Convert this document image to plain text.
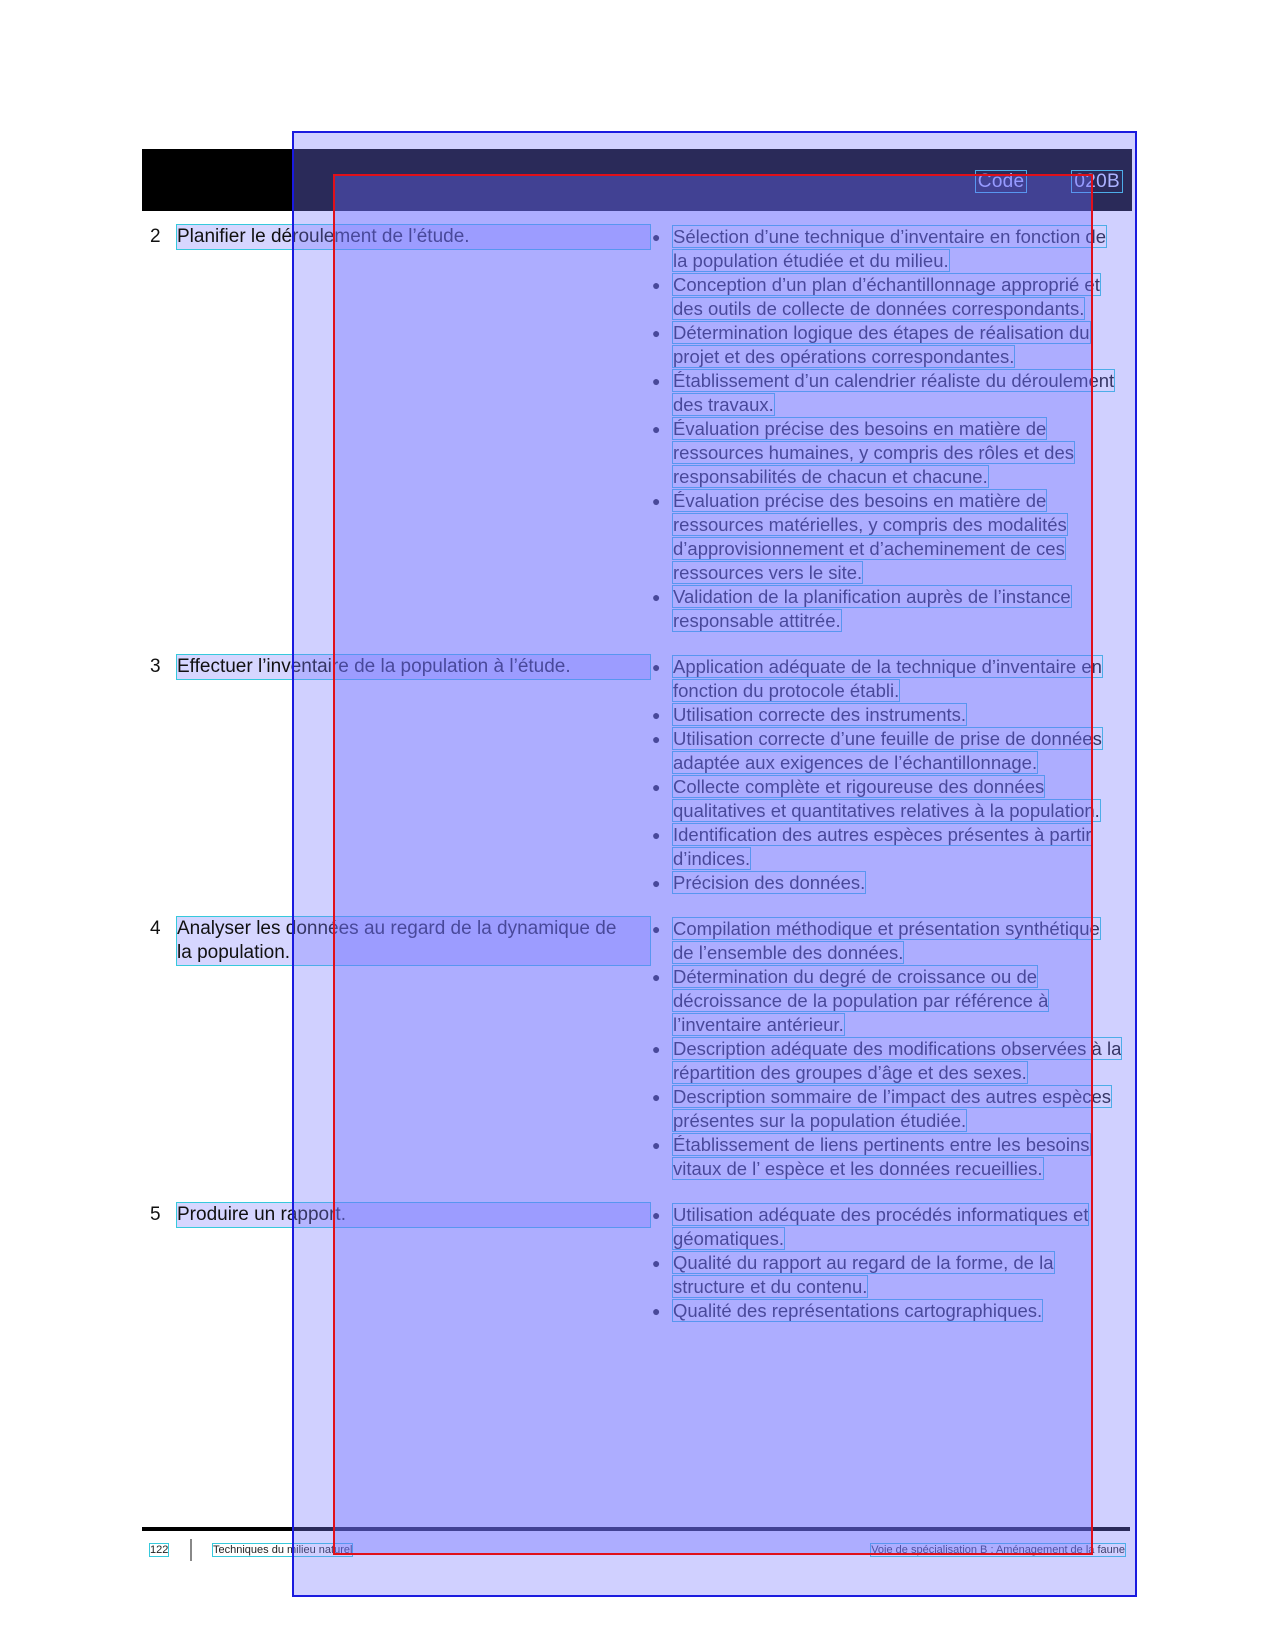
Code	020B
2 Planifier le déroulement de l’étude.	● Sélection d’une technique d’inventaire en fonction de la population étudiée et du milieu.
● Conception d’un plan d’échantillonnage approprié et des outils de collecte de données correspondants.
● Détermination logique des étapes de réalisation du projet et des opérations correspondantes.
● Établissement d’un calendrier réaliste du déroulement des travaux.
● Évaluation précise des besoins en matière de ressources humaines, y compris des rôles et des responsabilités de chacun et chacune.
● Évaluation précise des besoins en matière de ressources matérielles, y compris des modalités d’approvisionnement et d’acheminement de ces ressources vers le site.
● Validation de la planification auprès de l’instance responsable attitrée.
3 Effectuer l’inventaire de la population à l’étude.	● Application adéquate de la technique d’inventaire en fonction du protocole établi.
● Utilisation correcte des instruments.
● Utilisation correcte d’une feuille de prise de données adaptée aux exigences de l’échantillonnage.
● Collecte complète et rigoureuse des données qualitatives et quantitatives relatives à la population.
● Identification des autres espèces présentes à partir d’indices.
● Précision des données.
4 Analyser les données au regard de la dynamique de la population.
● Compilation méthodique et présentation synthétique de l’ensemble des données.
● Détermination du degré de croissance ou de décroissance de la population par référence à l’inventaire antérieur.
● Description adéquate des modifications observées à la répartition des groupes d’âge et des sexes.
● Description sommaire de l’impact des autres espèces présentes sur la population étudiée.
● Établissement de liens pertinents entre les besoins vitaux de l’ espèce et les données recueillies.
5 Produire un rapport.	● Utilisation adéquate des procédés informatiques et géomatiques.
● Qualité du rapport au regard de la forme, de la structure et du contenu.
● Qualité des représentations cartographiques.
122	Techniques du milieu naturel	Voie de spécialisation B : Aménagement de la faune
